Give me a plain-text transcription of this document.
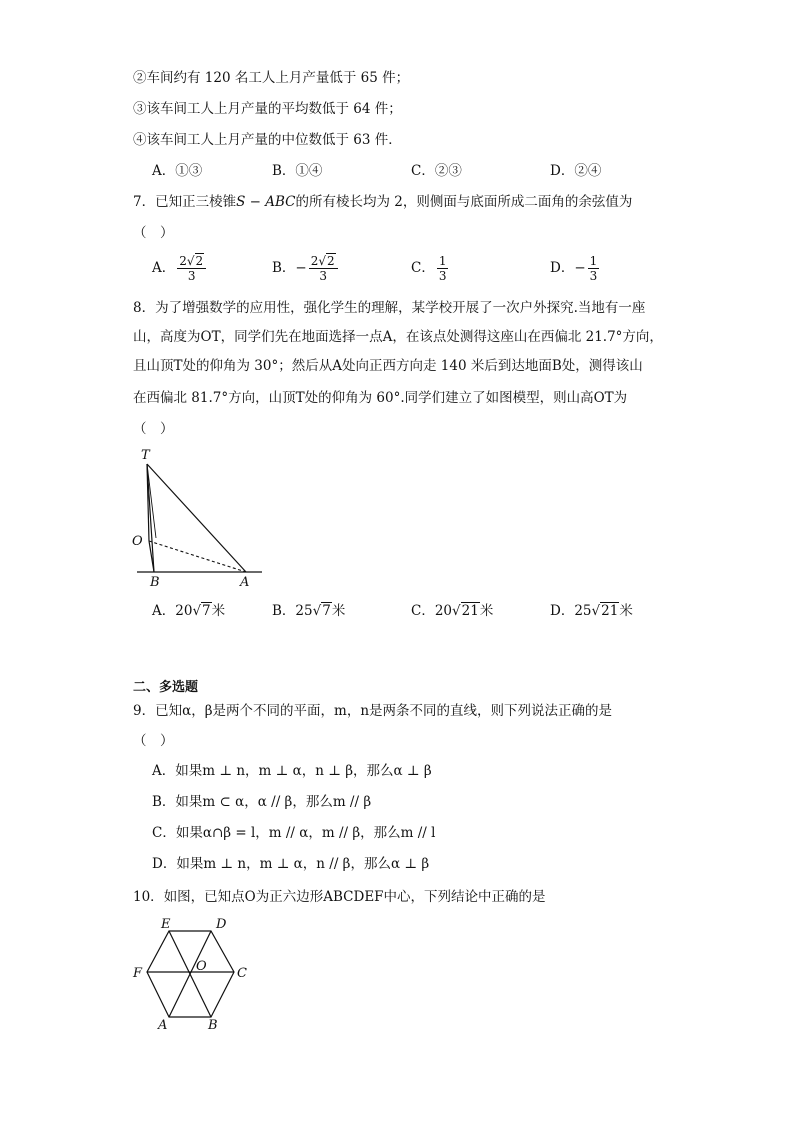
②车间约有 120 名工人上月产量低于 65 件；
③该车间工人上月产量的平均数低于 64 件；
④该车间工人上月产量的中位数低于 63 件．
A．①③	B．①④	C．②③	D．②④
7．已知正三棱锥S − ABC的所有棱长均为 2，则侧面与底面所成二面角的余弦值为
（　）
A． $\frac{2√2}{3}$	B．− $\frac{2√2}{3}$	C． $\frac{1}{3}$	D．− $\frac{1}{3}$
8．为了增强数学的应用性，强化学生的理解，某学校开展了一次户外探究.当地有一座
山，高度为OT，同学们先在地面选择一点A，在该点处测得这座山在西偏北 21.7°方向，
且山顶T处的仰角为 30°；然后从A处向正西方向走 140 米后到达地面B处，测得该山
在西偏北 81.7°方向，山顶T处的仰角为 60°.同学们建立了如图模型，则山高OT为
（　）
T
O
B	A
A．20√7米	B．25√7米	C．20√21米	D．25√21米
二、多选题
9．已知α，β是两个不同的平面，m，n是两条不同的直线，则下列说法正确的是
（　）
A．如果m ⊥ n，m ⊥ α，n ⊥ β，那么α ⊥ β
B．如果m ⊂ α，α // β，那么m // β
C．如果α∩β = l，m // α，m // β，那么m // l
D．如果m ⊥ n，m ⊥ α，n // β，那么α ⊥ β
10．如图，已知点O为正六边形ABCDEF中心，下列结论中正确的是
E	D
F	O C
A	B
